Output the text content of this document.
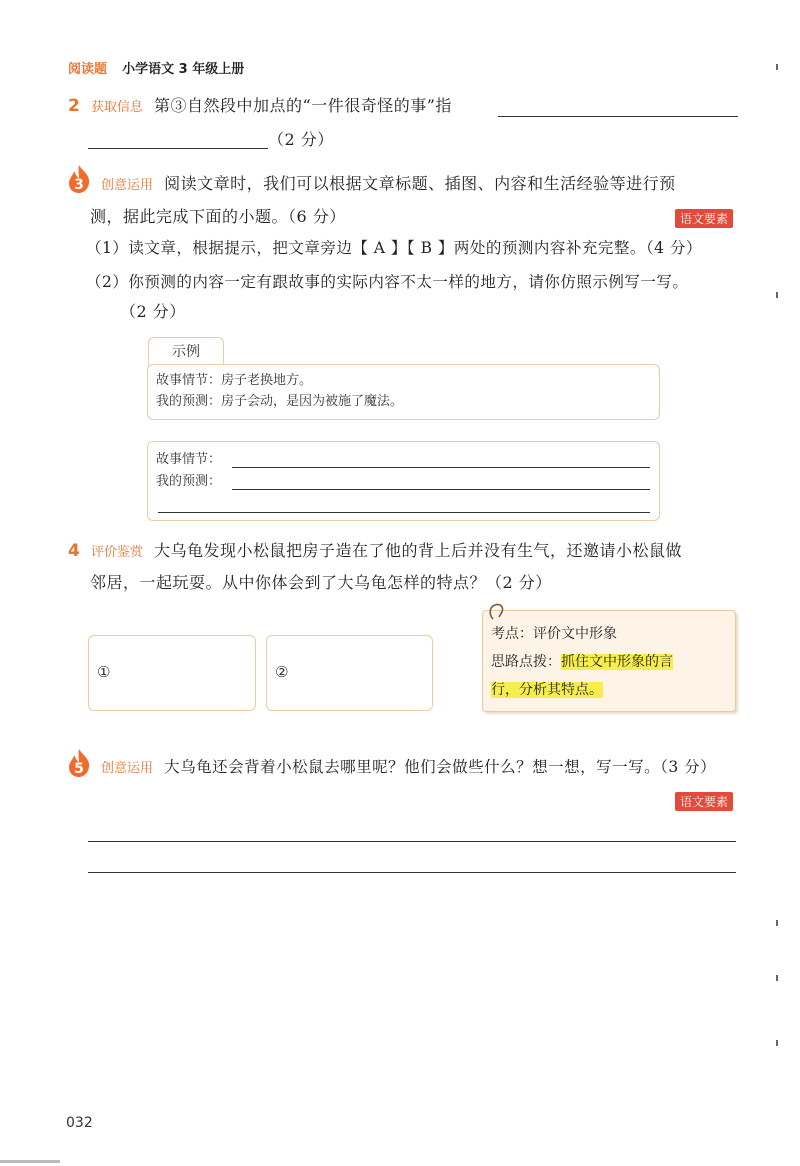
阅读题 小学语文 3 年级上册
2 获取信息 第③自然段中加点的“一件很奇怪的事”指
（2 分）
3 创意运用 阅读文章时，我们可以根据文章标题、插图、内容和生活经验等进行预
测，据此完成下面的小题。（6 分）	语文要素
（1）读文章，根据提示，把文章旁边【 A 】【 B 】两处的预测内容补充完整。（4 分）
（2）你预测的内容一定有跟故事的实际内容不太一样的地方，请你仿照示例写一写。
（2 分）
示例
故事情节：房子老换地方。
我的预测：房子会动，是因为被施了魔法。
故事情节：
我的预测：
4 评价鉴赏 大乌龟发现小松鼠把房子造在了他的背上后并没有生气，还邀请小松鼠做
邻居，一起玩耍。从中你体会到了大乌龟怎样的特点？（2 分）
①	②
考点：评价文中形象
思路点拨：抓住文中形象的言
行，分析其特点。
5 创意运用 大乌龟还会背着小松鼠去哪里呢？他们会做些什么？想一想，写一写。（3 分）
语文要素
032
